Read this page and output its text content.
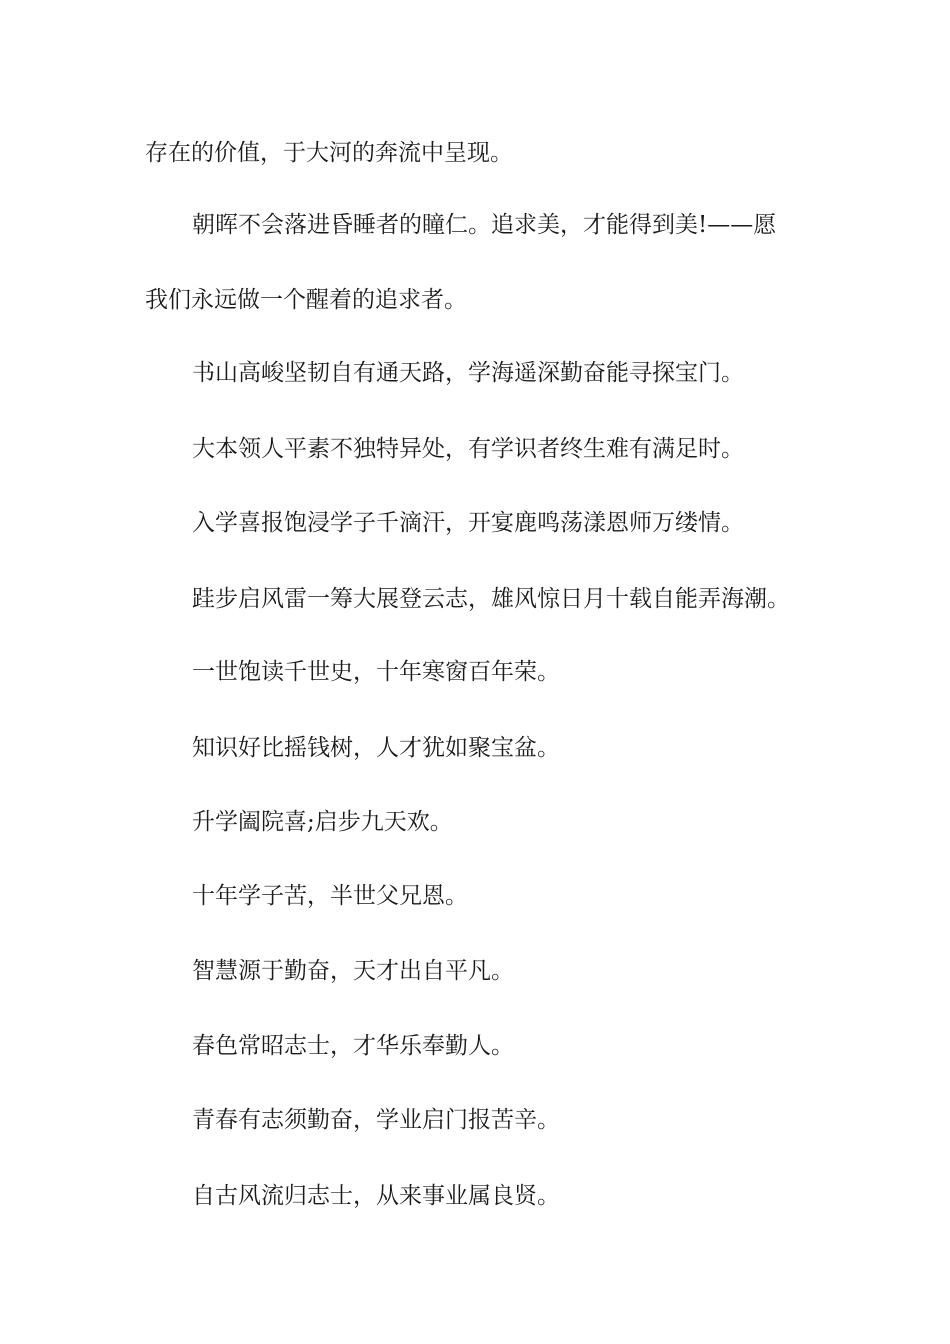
存在的价值，于大河的奔流中呈现。

朝晖不会落进昏睡者的瞳仁。追求美，才能得到美!——愿

我们永远做一个醒着的追求者。

书山高峻坚韧自有通天路，学海遥深勤奋能寻探宝门。

大本领人平素不独特异处，有学识者终生难有满足时。

入学喜报饱浸学子千滴汗，开宴鹿鸣荡漾恩师万缕情。

跬步启风雷一筹大展登云志，雄风惊日月十载自能弄海潮。

一世饱读千世史，十年寒窗百年荣。

知识好比摇钱树，人才犹如聚宝盆。

升学阖院喜;启步九天欢。

十年学子苦，半世父兄恩。

智慧源于勤奋，天才出自平凡。

春色常昭志士，才华乐奉勤人。

青春有志须勤奋，学业启门报苦辛。

自古风流归志士，从来事业属良贤。
